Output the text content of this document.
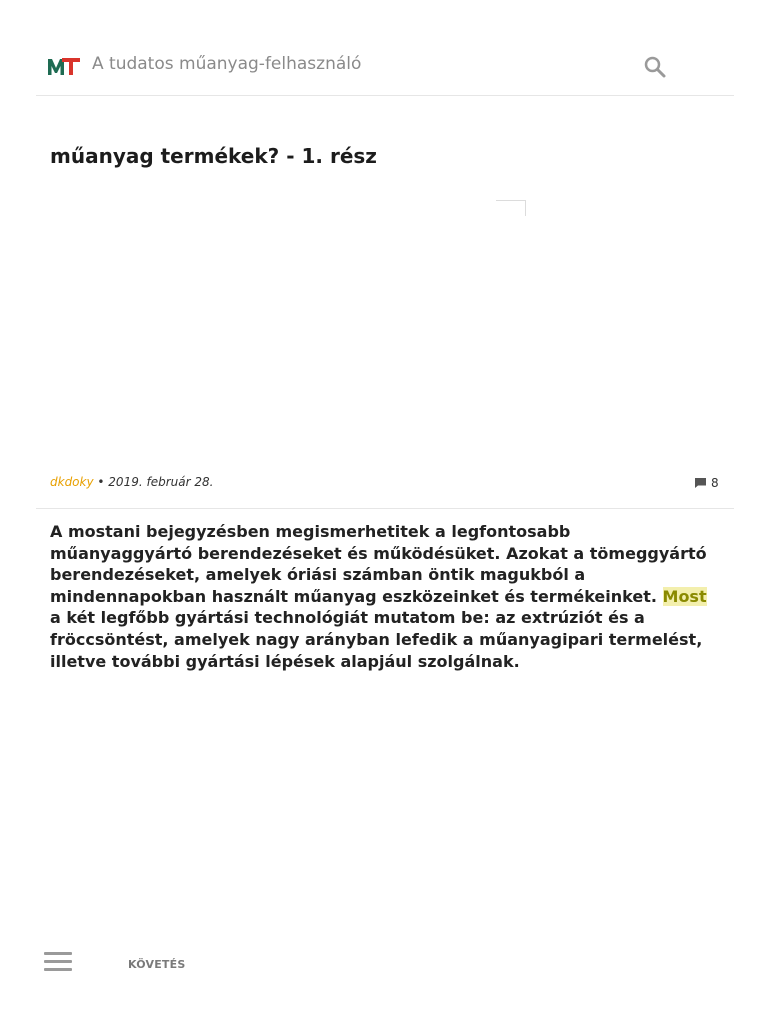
A tudatos műanyag-felhasználó
műanyag termékek? - 1. rész
dkdoky • 2019. február 28.	8

A mostani bejegyzésben megismerhetitek a legfontosabb műanyaggyártó berendezéseket és működésüket. Azokat a tömeggyártó berendezéseket, amelyek óriási számban öntik magukból a mindennapokban használt műanyag eszközeinket és termékeinket. Most a két legfőbb gyártási technológiát mutatom be: az extrúziót és a fröccsöntést, amelyek nagy arányban lefedik a műanyagipari termelést, illetve további gyártási lépések alapjául szolgálnak.

KÖVETÉS
